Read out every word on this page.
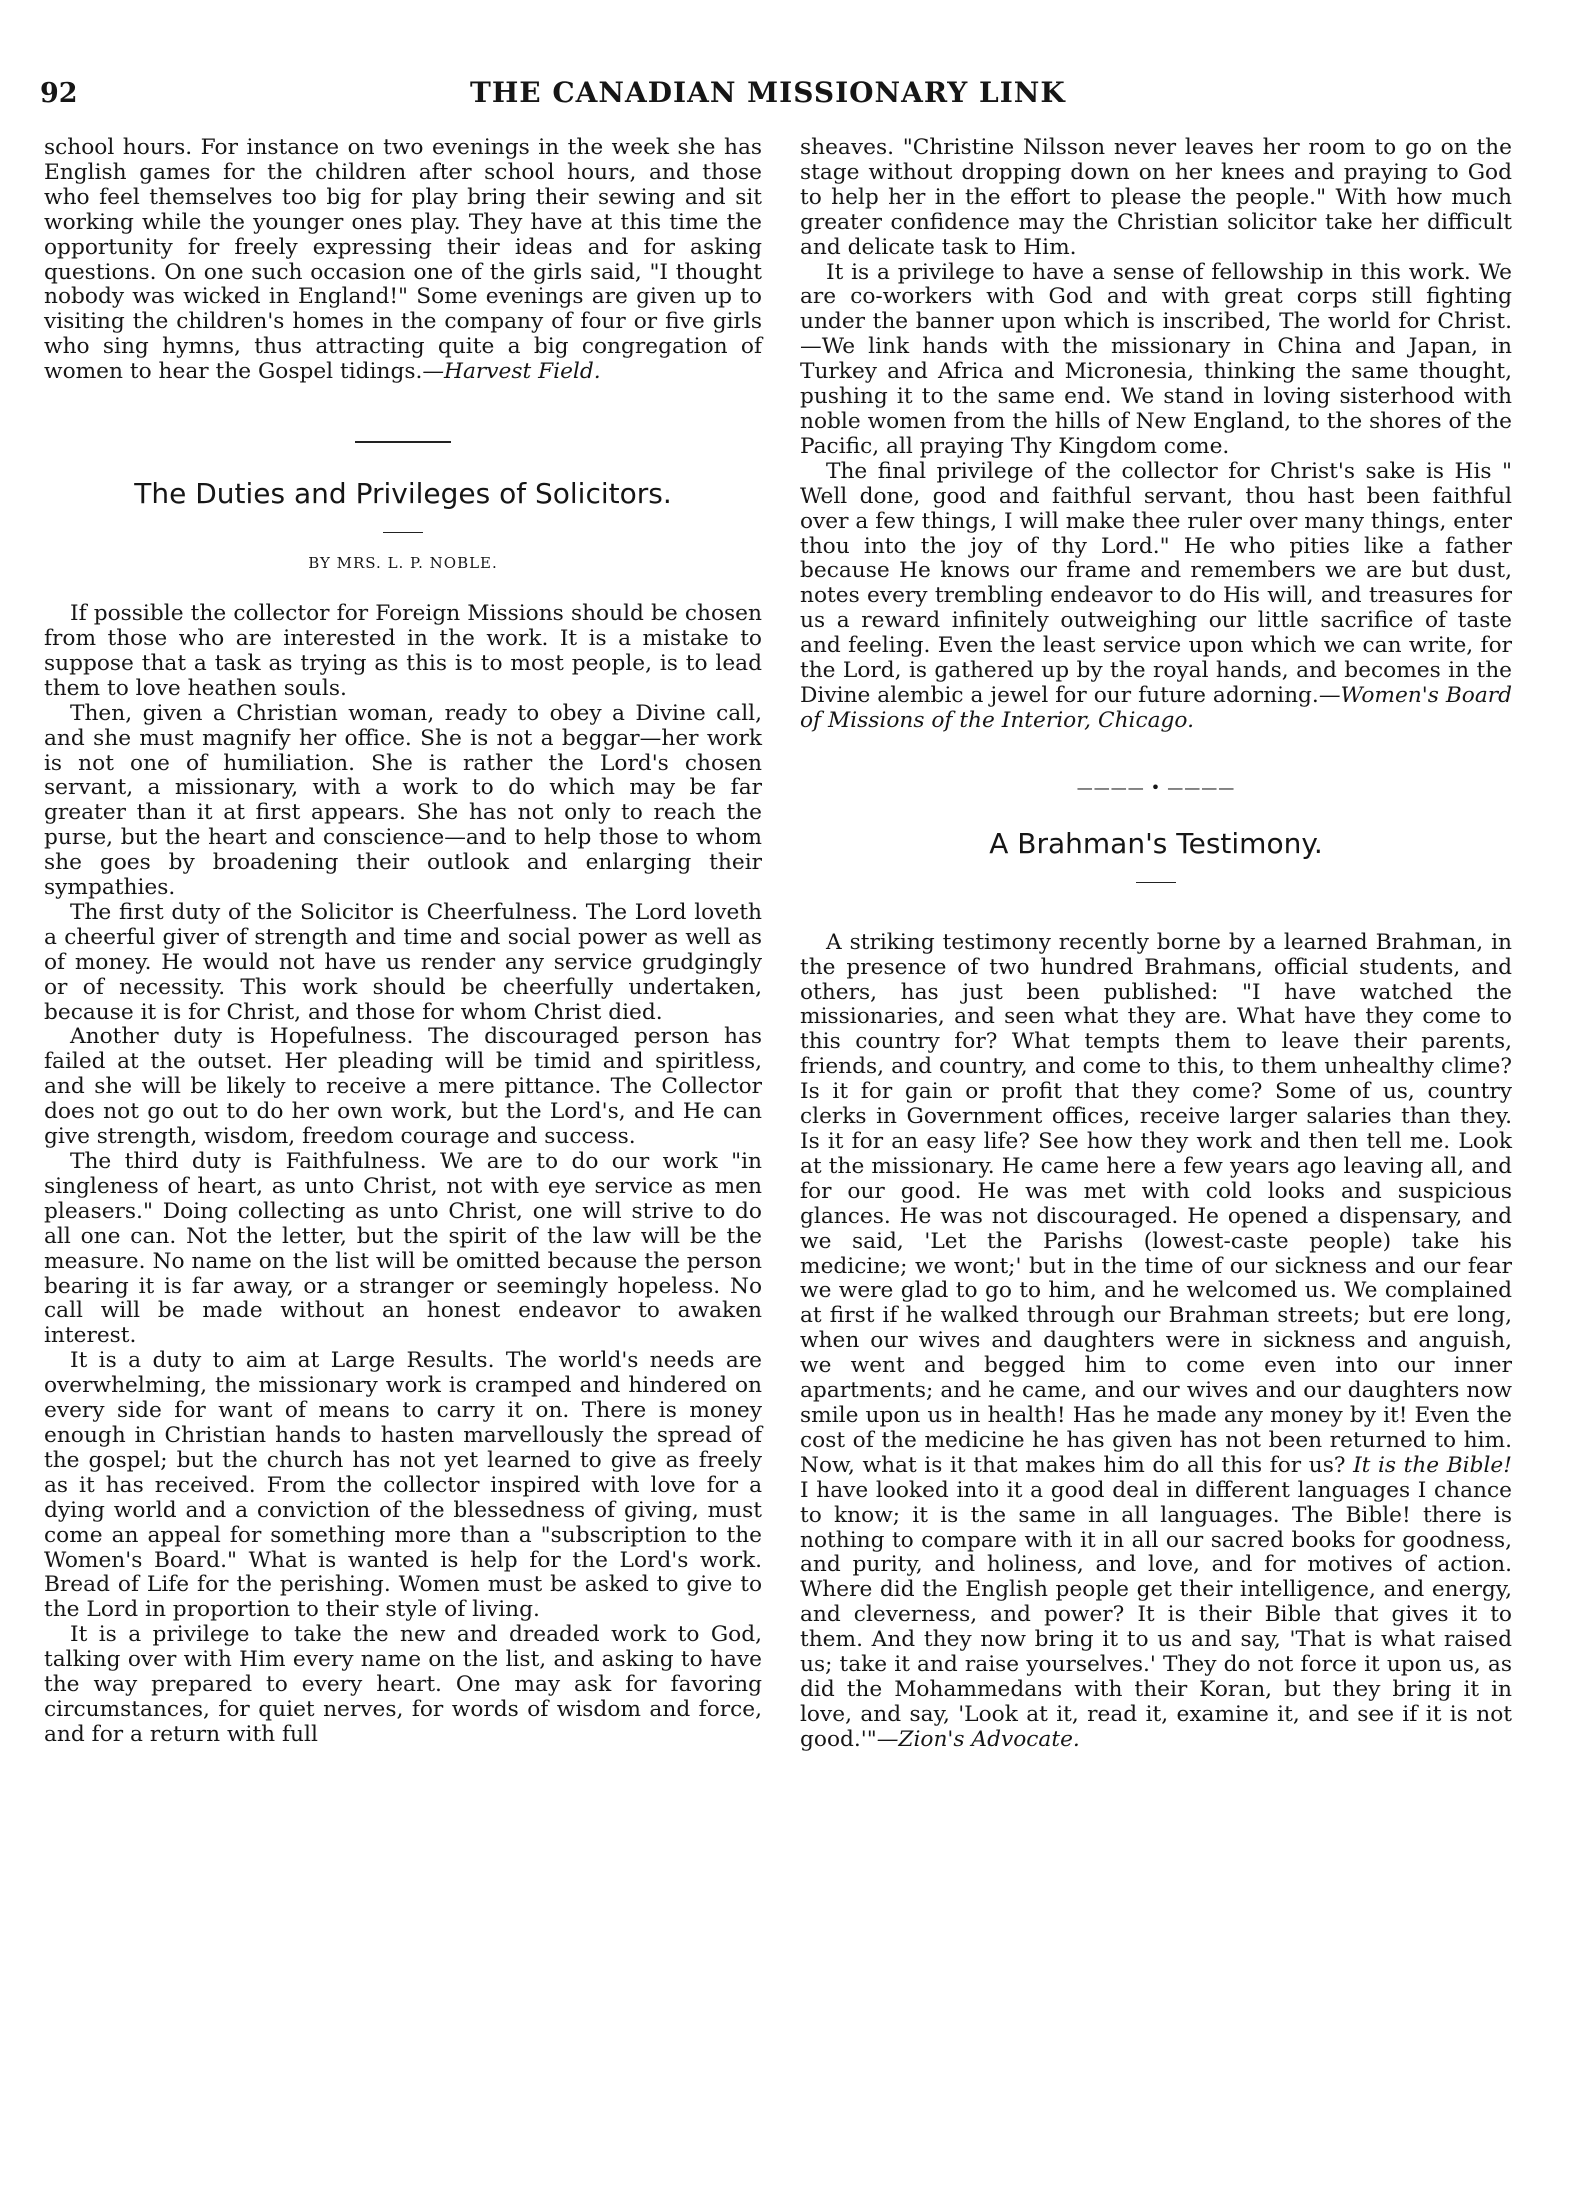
92	THE CANADIAN MISSIONARY LINK

school hours. For instance on two evenings in the week she has English games for the children after school hours, and those who feel themselves too big for play bring their sewing and sit working while the younger ones play. They have at this time the opportunity for freely expressing their ideas and for asking questions. On one such occasion one of the girls said, "I thought nobody was wicked in England!" Some evenings are given up to visiting the children's homes in the company of four or five girls who sing hymns, thus attracting quite a big congregation of women to hear the Gospel tidings.—Harvest Field.

The Duties and Privileges of Solicitors.
BY MRS. L. P. NOBLE.

If possible the collector for Foreign Missions should be chosen from those who are interested in the work. It is a mistake to suppose that a task as trying as this is to most people, is to lead them to love heathen souls.

Then, given a Christian woman, ready to obey a Divine call, and she must magnify her office. She is not a beggar—her work is not one of humiliation. She is rather the Lord's chosen servant, a missionary, with a work to do which may be far greater than it at first appears. She has not only to reach the purse, but the heart and conscience—and to help those to whom she goes by broadening their outlook and enlarging their sympathies.

The first duty of the Solicitor is Cheerfulness. The Lord loveth a cheerful giver of strength and time and social power as well as of money. He would not have us render any service grudgingly or of necessity. This work should be cheerfully undertaken, because it is for Christ, and those for whom Christ died.

Another duty is Hopefulness. The discouraged person has failed at the outset. Her pleading will be timid and spiritless, and she will be likely to receive a mere pittance. The Collector does not go out to do her own work, but the Lord's, and He can give strength, wisdom, freedom courage and success.

The third duty is Faithfulness. We are to do our work "in singleness of heart, as unto Christ, not with eye service as men pleasers." Doing collecting as unto Christ, one will strive to do all one can. Not the letter, but the spirit of the law will be the measure. No name on the list will be omitted because the person bearing it is far away, or a stranger or seemingly hopeless. No call will be made without an honest endeavor to awaken interest.

It is a duty to aim at Large Results. The world's needs are overwhelming, the missionary work is cramped and hindered on every side for want of means to carry it on. There is money enough in Christian hands to hasten marvellously the spread of the gospel; but the church has not yet learned to give as freely as it has received. From the collector inspired with love for a dying world and a conviction of the blessedness of giving, must come an appeal for something more than a "subscription to the Women's Board." What is wanted is help for the Lord's work. Bread of Life for the perishing. Women must be asked to give to the Lord in proportion to their style of living.

It is a privilege to take the new and dreaded work to God, talking over with Him every name on the list, and asking to have the way prepared to every heart. One may ask for favoring circumstances, for quiet nerves, for words of wisdom and force, and for a return with full

sheaves. "Christine Nilsson never leaves her room to go on the stage without dropping down on her knees and praying to God to help her in the effort to please the people." With how much greater confidence may the Christian solicitor take her difficult and delicate task to Him.

It is a privilege to have a sense of fellowship in this work. We are co-workers with God and with great corps still fighting under the banner upon which is inscribed, The world for Christ.—We link hands with the missionary in China and Japan, in Turkey and Africa and Micronesia, thinking the same thought, pushing it to the same end. We stand in loving sisterhood with noble women from the hills of New England, to the shores of the Pacific, all praying Thy Kingdom come.

The final privilege of the collector for Christ's sake is His " Well done, good and faithful servant, thou hast been faithful over a few things, I will make thee ruler over many things, enter thou into the joy of thy Lord." He who pities like a father because He knows our frame and remembers we are but dust, notes every trembling endeavor to do His will, and treasures for us a reward infinitely outweighing our little sacrifice of taste and feeling. Even the least service upon which we can write, for the Lord, is gathered up by the royal hands, and becomes in the Divine alembic a jewel for our future adorning.—Women's Board of Missions of the Interior, Chicago.

———— • ————
A Brahman's Testimony.

A striking testimony recently borne by a learned Brahman, in the presence of two hundred Brahmans, official students, and others, has just been published: "I have watched the missionaries, and seen what they are. What have they come to this country for? What tempts them to leave their parents, friends, and country, and come to this, to them unhealthy clime? Is it for gain or profit that they come? Some of us, country clerks in Government offices, receive larger salaries than they. Is it for an easy life? See how they work and then tell me. Look at the missionary. He came here a few years ago leaving all, and for our good. He was met with cold looks and suspicious glances. He was not discouraged. He opened a dispensary, and we said, 'Let the Parishs (lowest-caste people) take his medicine; we wont;' but in the time of our sickness and our fear we were glad to go to him, and he welcomed us. We complained at first if he walked through our Brahman streets; but ere long, when our wives and daughters were in sickness and anguish, we went and begged him to come even into our inner apartments; and he came, and our wives and our daughters now smile upon us in health! Has he made any money by it! Even the cost of the medicine he has given has not been returned to him. Now, what is it that makes him do all this for us? It is the Bible! I have looked into it a good deal in different languages I chance to know; it is the same in all languages. The Bible! there is nothing to compare with it in all our sacred books for goodness, and purity, and holiness, and love, and for motives of action. Where did the English people get their intelligence, and energy, and cleverness, and power? It is their Bible that gives it to them. And they now bring it to us and say, 'That is what raised us; take it and raise yourselves.' They do not force it upon us, as did the Mohammedans with their Koran, but they bring it in love, and say, 'Look at it, read it, examine it, and see if it is not good.'"—Zion's Advocate.
